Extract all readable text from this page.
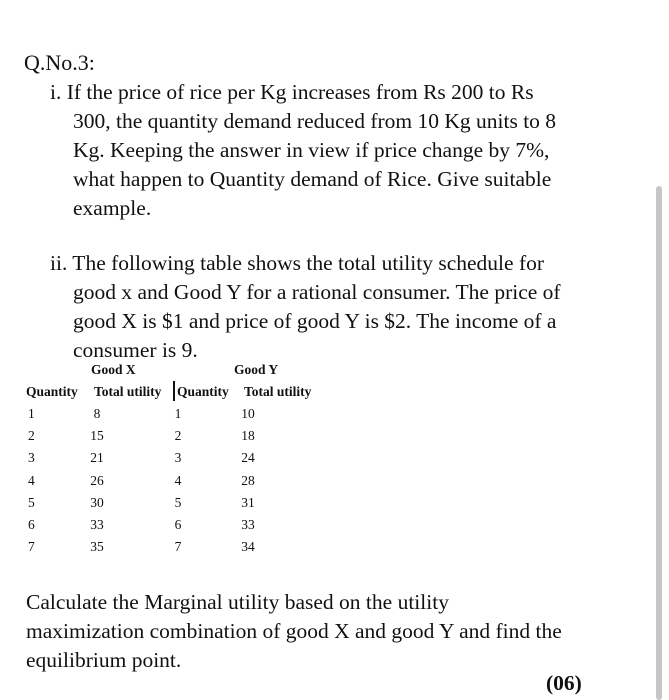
Q.No.3:
i. If the price of rice per Kg increases from Rs 200 to Rs
300, the quantity demand reduced from 10 Kg units to 8
Kg. Keeping the answer in view if price change by 7%,
what happen to Quantity demand of Rice. Give suitable
example.
ii. The following table shows the total utility schedule for
good x and Good Y for a rational consumer. The price of
good X is $1 and price of good Y is $2. The income of a
consumer is 9.
Good X	Good Y
Quantity Total utility Quantity Total utility
1	8	1	10
2	15	2	18
3	21	3	24
4	26	4	28
5	30	5	31
6	33	6	33
7	35	7	34
Calculate the Marginal utility based on the utility
maximization combination of good X and good Y and find the
equilibrium point.
(06)
